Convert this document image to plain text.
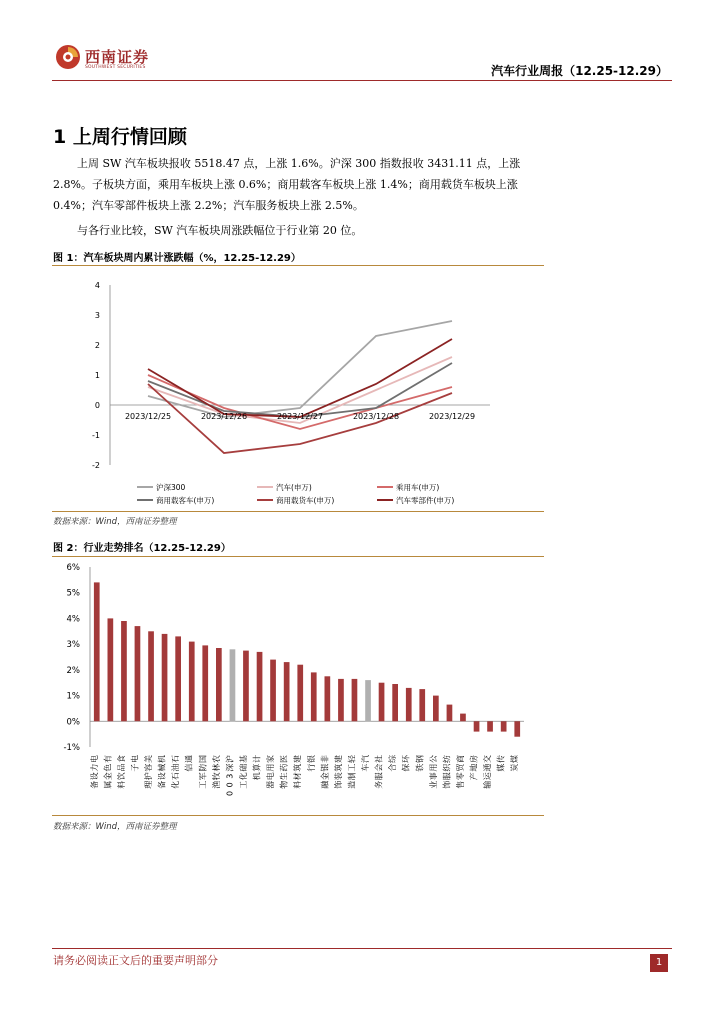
西南证券
SOUTHWEST SECURITIES	汽车行业周报（12.25-12.29）
1 上周行情回顾

上周 SW 汽车板块报收 5518.47 点，上涨 1.6%。沪深 300 指数报收 3431.11 点，上涨 2.8%。子板块方面，乘用车板块上涨 0.6%；商用载客车板块上涨 1.4%；商用载货车板块上涨 0.4%；汽车零部件板块上涨 2.2%；汽车服务板块上涨 2.5%。

与各行业比较，SW 汽车板块周涨跌幅位于行业第 20 位。

图 1：汽车板块周内累计涨跌幅（%，12.25-12.29）
-2
-1
0
1
2
3
4
2023/12/25	2023/12/26	2023/12/27	2023/12/28	2023/12/29
沪深300	汽车(申万)	乘用车(申万)
商用载客车(申万)	商用载货车(申万)	汽车零部件(申万)
数据来源：Wind，西南证券整理
图 2：行业走势排名（12.25-12.29）
-1%
0%
1%
2%
3%
4%
5%
6%
电
力
设
备
有
色
金
属
食
品
饮
料
电
子
美
容
护
理
机
械
设
备
石
油
石
化
通
信
国
防
军
工
农
林
牧
渔
沪
深
3
0
0
基
础
化
工
计
算
机
家
用
电
器
医
药
生
物
建
筑
材
料
银
行
非
银
金
融
建
筑
装
饰
轻
工
制
造
汽
车
社
会
服
务
综
合
环
保
钢
铁
公
用
事
业
纺
织
服
饰
商
贸
零
售
房
地
产
交
通
运
输
传
媒
煤
炭
数据来源：Wind，西南证券整理
请务必阅读正文后的重要声明部分	1
